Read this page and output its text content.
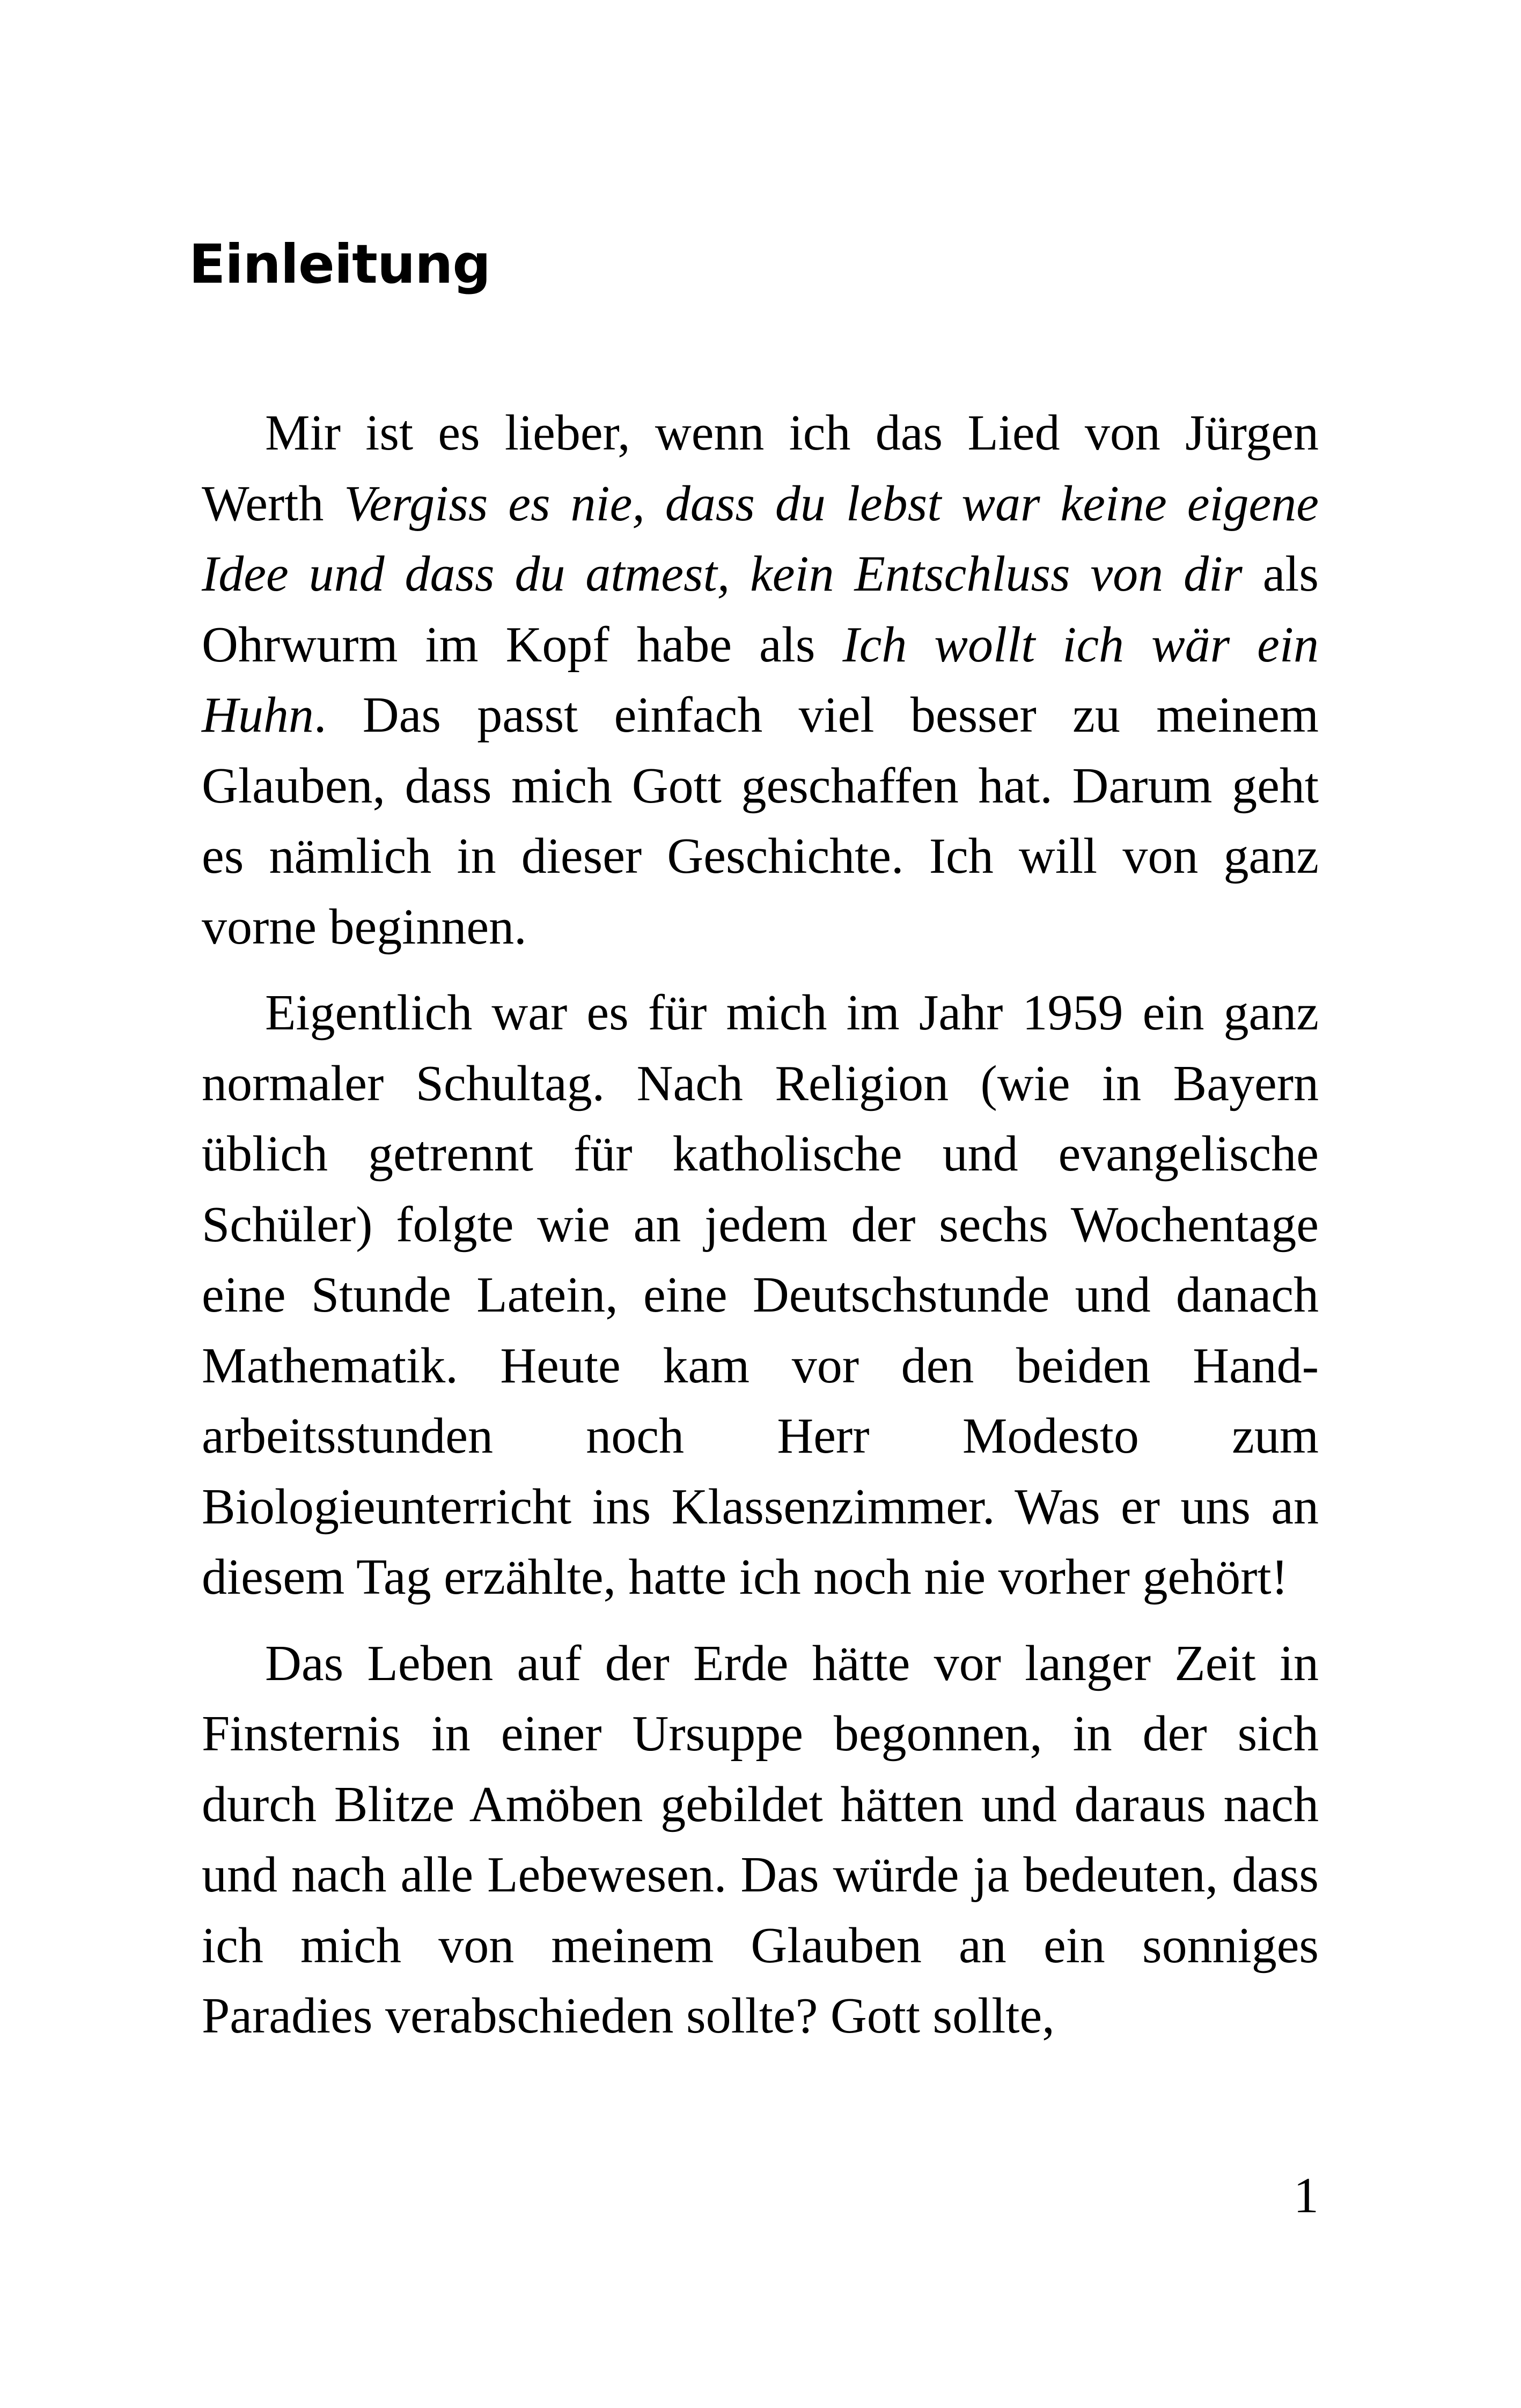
Einleitung

Mir ist es lieber, wenn ich das Lied von Jürgen Werth Vergiss es nie, dass du lebst war keine eigene Idee und dass du atmest, kein Entschluss von dir als Ohrwurm im Kopf habe als Ich wollt ich wär ein Huhn. Das passt einfach viel besser zu meinem Glauben, dass mich Gott geschaffen hat. Darum geht es nämlich in dieser Geschichte. Ich will von ganz vorne beginnen.

Eigentlich war es für mich im Jahr 1959 ein ganz normaler Schultag. Nach Religion (wie in Bayern üblich getrennt für katholische und evangelische Schüler) folgte wie an jedem der sechs Wochentage eine Stunde Latein, eine Deutschstunde und danach Mathematik. Heute kam vor den beiden Handarbeitsstunden noch Herr Modesto zum Biologieunterricht ins Klassenzimmer. Was er uns an diesem Tag erzählte, hatte ich noch nie vorher gehört!

Das Leben auf der Erde hätte vor langer Zeit in Finsternis in einer Ursuppe begonnen, in der sich durch Blitze Amöben gebildet hätten und daraus nach und nach alle Lebewesen. Das würde ja bedeuten, dass ich mich von meinem Glauben an ein sonniges Paradies verabschieden sollte? Gott sollte,

1
